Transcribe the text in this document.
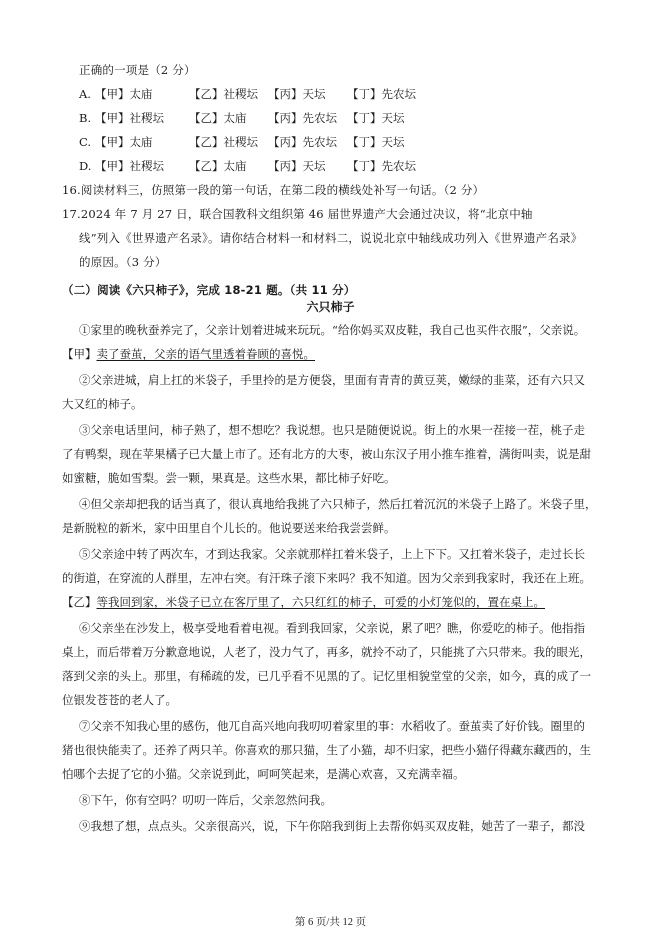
正确的一项是（2 分）
A. 【甲】太庙	【乙】社稷坛 【丙】天坛 【丁】先农坛
B. 【甲】社稷坛 【乙】太庙 【丙】先农坛 【丁】天坛
C. 【甲】太庙	【乙】社稷坛 【丙】先农坛 【丁】天坛
D. 【甲】社稷坛 【乙】太庙 【丙】天坛 【丁】先农坛
16.阅读材料三，仿照第一段的第一句话，在第二段的横线处补写一句话。（2 分）
17.2024 年 7 月 27 日，联合国教科文组织第 46 届世界遗产大会通过决议，将“北京中轴
线”列入《世界遗产名录》。请你结合材料一和材料二，说说北京中轴线成功列入《世界遗产名录》
的原因。（3 分）
（二）阅读《六只柿子》，完成 18-21 题。（共 11 分）
六只柿子
①家里的晚秋蚕养完了，父亲计划着进城来玩玩。“给你妈买双皮鞋，我自己也买件衣服”，父亲说。
【甲】卖了蚕茧，父亲的语气里透着眷顾的喜悦。
②父亲进城，肩上扛的米袋子，手里拎的是方便袋，里面有青青的黄豆荚，嫩绿的韭菜，还有六只又
大又红的柿子。
③父亲电话里问，柿子熟了，想不想吃？我说想。也只是随便说说。街上的水果一茬接一茬，桃子走
了有鸭梨，现在苹果橘子已大量上市了。还有北方的大枣，被山东汉子用小推车推着，满街叫卖，说是甜
如蜜糖，脆如雪梨。尝一颗，果真是。这些水果，都比柿子好吃。
④但父亲却把我的话当真了，很认真地给我挑了六只柿子，然后扛着沉沉的米袋子上路了。米袋子里，
是新脱粒的新米，家中田里自个儿长的。他说要送来给我尝尝鲜。
⑤父亲途中转了两次车，才到达我家。父亲就那样扛着米袋子，上上下下。又扛着米袋子，走过长长
的街道，在穿流的人群里，左冲右突。有汗珠子滚下来吗？我不知道。因为父亲到我家时，我还在上班。
【乙】等我回到家，米袋子已立在客厅里了，六只红红的柿子，可爱的小灯笼似的，置在桌上。
⑥父亲坐在沙发上，极享受地看着电视。看到我回家，父亲说，累了吧？瞧，你爱吃的柿子。他指指
桌上，而后带着万分歉意地说，人老了，没力气了，再多，就拎不动了，只能挑了六只带来。我的眼光，
落到父亲的头上。那里，有稀疏的发，已几乎看不见黑的了。记忆里相貌堂堂的父亲，如今，真的成了一
位银发苍苍的老人了。
⑦父亲不知我心里的感伤，他兀自高兴地向我叨叨着家里的事：水稻收了。蚕茧卖了好价钱。圈里的
猪也很快能卖了。还养了两只羊。你喜欢的那只猫，生了小猫，却不归家，把些小猫仔得藏东藏西的，生
怕哪个去捉了它的小猫。父亲说到此，呵呵笑起来，是满心欢喜，又充满幸福。
⑧下午，你有空吗？叨叨一阵后，父亲忽然问我。
⑨我想了想，点点头。父亲很高兴，说，下午你陪我到街上去帮你妈买双皮鞋，她苦了一辈子，都没
第 6 页/共 12 页
